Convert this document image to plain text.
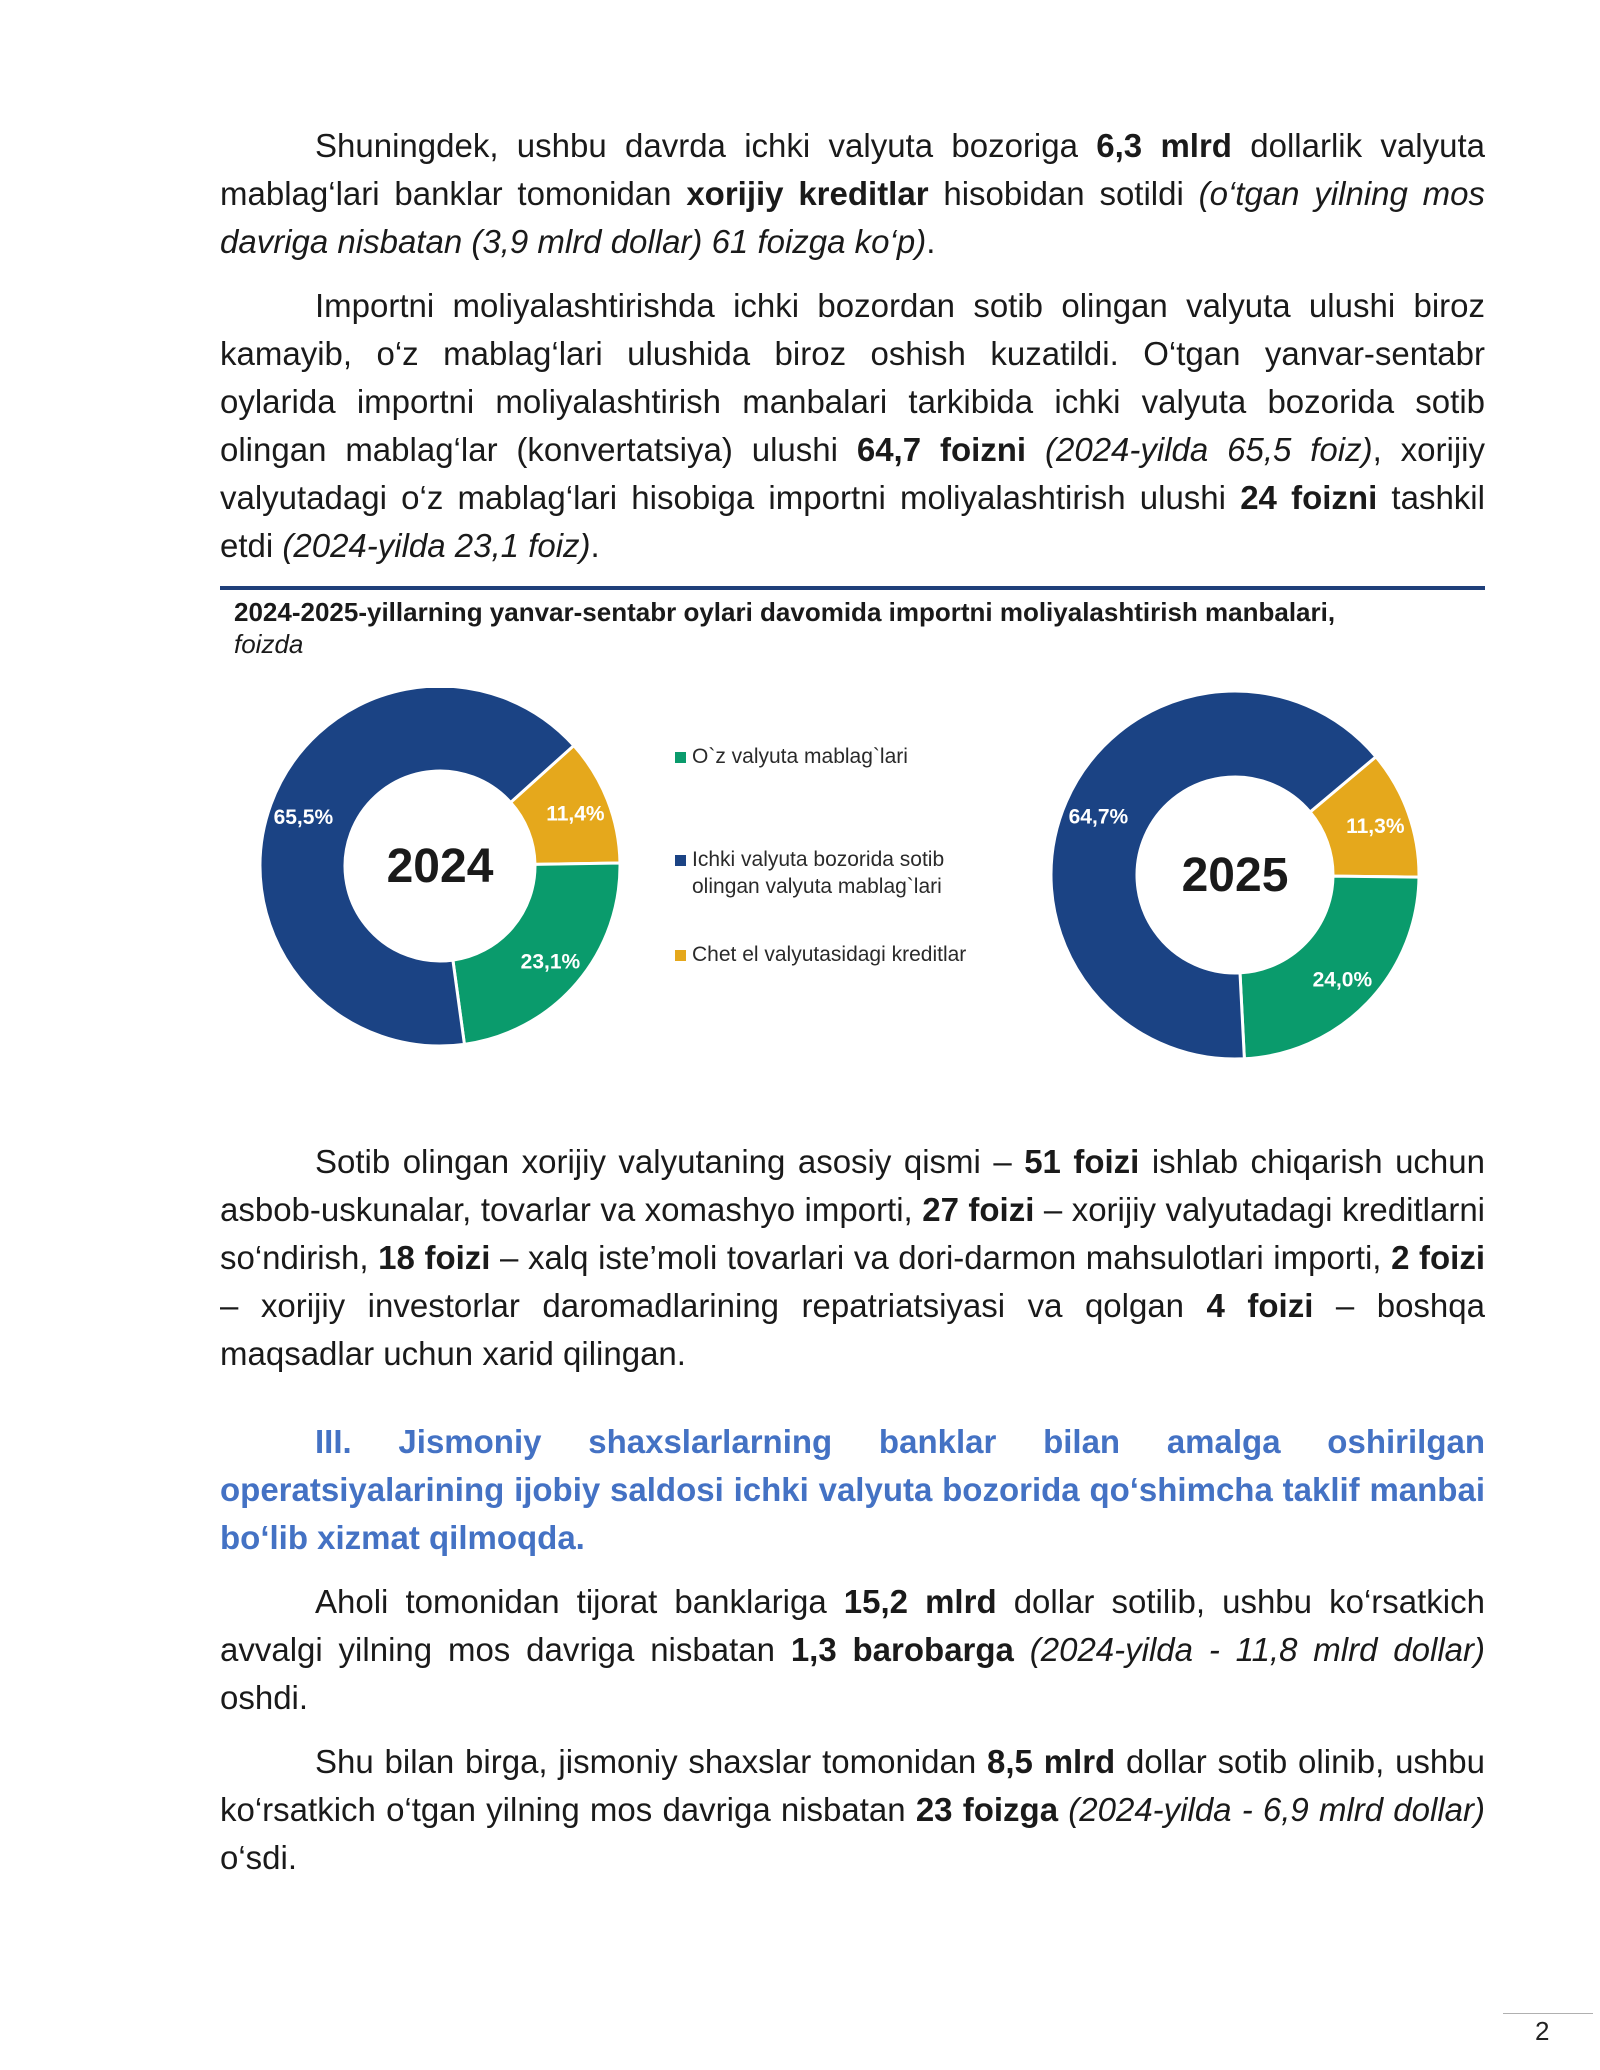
Shuningdek, ushbu davrda ichki valyuta bozoriga 6,3 mlrd dollarlik valyuta mablag‘lari banklar tomonidan xorijiy kreditlar hisobidan sotildi (o‘tgan yilning mos davriga nisbatan (3,9 mlrd dollar) 61 foizga ko‘p).

Importni moliyalashtirishda ichki bozordan sotib olingan valyuta ulushi biroz kamayib, o‘z mablag‘lari ulushida biroz oshish kuzatildi. O‘tgan yanvar-sentabr oylarida importni moliyalashtirish manbalari tarkibida ichki valyuta bozorida sotib olingan mablag‘lar (konvertatsiya) ulushi 64,7 foizni (2024-yilda 65,5 foiz), xorijiy valyutadagi o‘z mablag‘lari hisobiga importni moliyalashtirish ulushi 24 foizni tashkil etdi (2024-yilda 23,1 foiz).

2024-2025-yillarning yanvar-sentabr oylari davomida importni moliyalashtirish manbalari,
foizda
11,4%
23,1%
65,5%
2024
11,3%
24,0%
64,7%
2025
O`z valyuta mablag`lari
Ichki valyuta bozorida sotib
olingan valyuta mablag`lari
Chet el valyutasidagi kreditlar

Sotib olingan xorijiy valyutaning asosiy qismi – 51 foizi ishlab chiqarish uchun asbob-uskunalar, tovarlar va xomashyo importi, 27 foizi – xorijiy valyutadagi kreditlarni so‘ndirish, 18 foizi – xalq iste’moli tovarlari va dori-darmon mahsulotlari importi, 2 foizi – xorijiy investorlar daromadlarining repatriatsiyasi va qolgan 4 foizi – boshqa maqsadlar uchun xarid qilingan.

III. Jismoniy shaxslarlarning banklar bilan amalga oshirilgan operatsiyalarining ijobiy saldosi ichki valyuta bozorida qo‘shimcha taklif manbai bo‘lib xizmat qilmoqda.

Aholi tomonidan tijorat banklariga 15,2 mlrd dollar sotilib, ushbu ko‘rsatkich avvalgi yilning mos davriga nisbatan 1,3 barobarga (2024-yilda - 11,8 mlrd dollar) oshdi.

Shu bilan birga, jismoniy shaxslar tomonidan 8,5 mlrd dollar sotib olinib, ushbu ko‘rsatkich o‘tgan yilning mos davriga nisbatan 23 foizga (2024-yilda - 6,9 mlrd dollar) o‘sdi.

2
